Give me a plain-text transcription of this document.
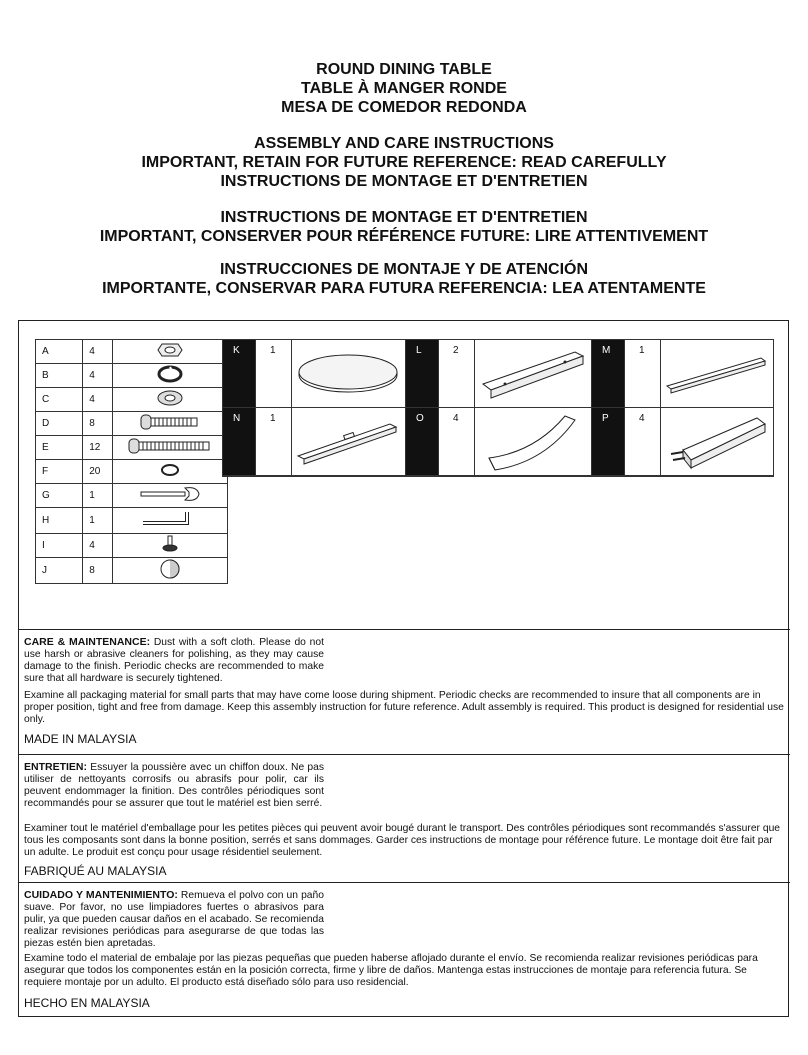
ROUND DINING TABLE

TABLE À MANGER RONDE

MESA DE COMEDOR REDONDA

ASSEMBLY AND CARE INSTRUCTIONS

IMPORTANT, RETAIN FOR FUTURE REFERENCE: READ CAREFULLY

INSTRUCTIONS DE MONTAGE ET D'ENTRETIEN

INSTRUCTIONS DE MONTAGE ET D'ENTRETIEN

IMPORTANT, CONSERVER POUR RÉFÉRENCE FUTURE: LIRE ATTENTIVEMENT

INSTRUCCIONES DE MONTAJE Y DE ATENCIÓN

IMPORTANTE, CONSERVAR PARA FUTURA REFERENCIA: LEA ATENTAMENTE

A	4	
B	4	
C	4	
D	8	
E	12	
F	20	
G	1	
H	1	
I	4	
J	8	
K	1	L	2	M	1
N	1	O	4	P	4
CARE & MAINTENANCE: Dust with a soft cloth. Please do not use harsh or abrasive cleaners for polishing, as they may cause damage to the finish. Periodic checks are recommended to make sure that all hardware is securely tightened.
Examine all packaging material for small parts that may have come loose during shipment. Periodic checks are recommended to insure that all components are in proper position, tight and free from damage. Keep this assembly instruction for future reference. Adult assembly is required. This product is designed for residential use only.
MADE IN MALAYSIA
ENTRETIEN: Essuyer la poussière avec un chiffon doux. Ne pas utiliser de nettoyants corrosifs ou abrasifs pour polir, car ils peuvent endommager la finition. Des contrôles périodiques sont recommandés pour se assurer que tout le matériel est bien serré.
Examiner tout le matériel d'emballage pour les petites pièces qui peuvent avoir bougé durant le transport. Des contrôles périodiques sont recommandés s'assurer que tous les composants sont dans la bonne position, serrés et sans dommages. Garder ces instructions de montage pour référence future. Le montage doit être fait par un adulte. Le produit est conçu pour usage résidentiel seulement.
FABRIQUÉ AU MALAYSIA
CUIDADO Y MANTENIMIENTO: Remueva el polvo con un paño suave. Por favor, no use limpiadores fuertes o abrasivos para pulir, ya que pueden causar daños en el acabado. Se recomienda realizar revisiones periódicas para asegurarse de que todas las piezas estén bien apretadas.
Examine todo el material de embalaje por las piezas pequeñas que pueden haberse aflojado durante el envío. Se recomienda realizar revisiones periódicas para asegurar que todos los componentes están en la posición correcta, firme y libre de daños. Mantenga estas instrucciones de montaje para referencia futura. Se requiere montaje por un adulto. El producto está diseñado sólo para uso residencial.
HECHO EN MALAYSIA
